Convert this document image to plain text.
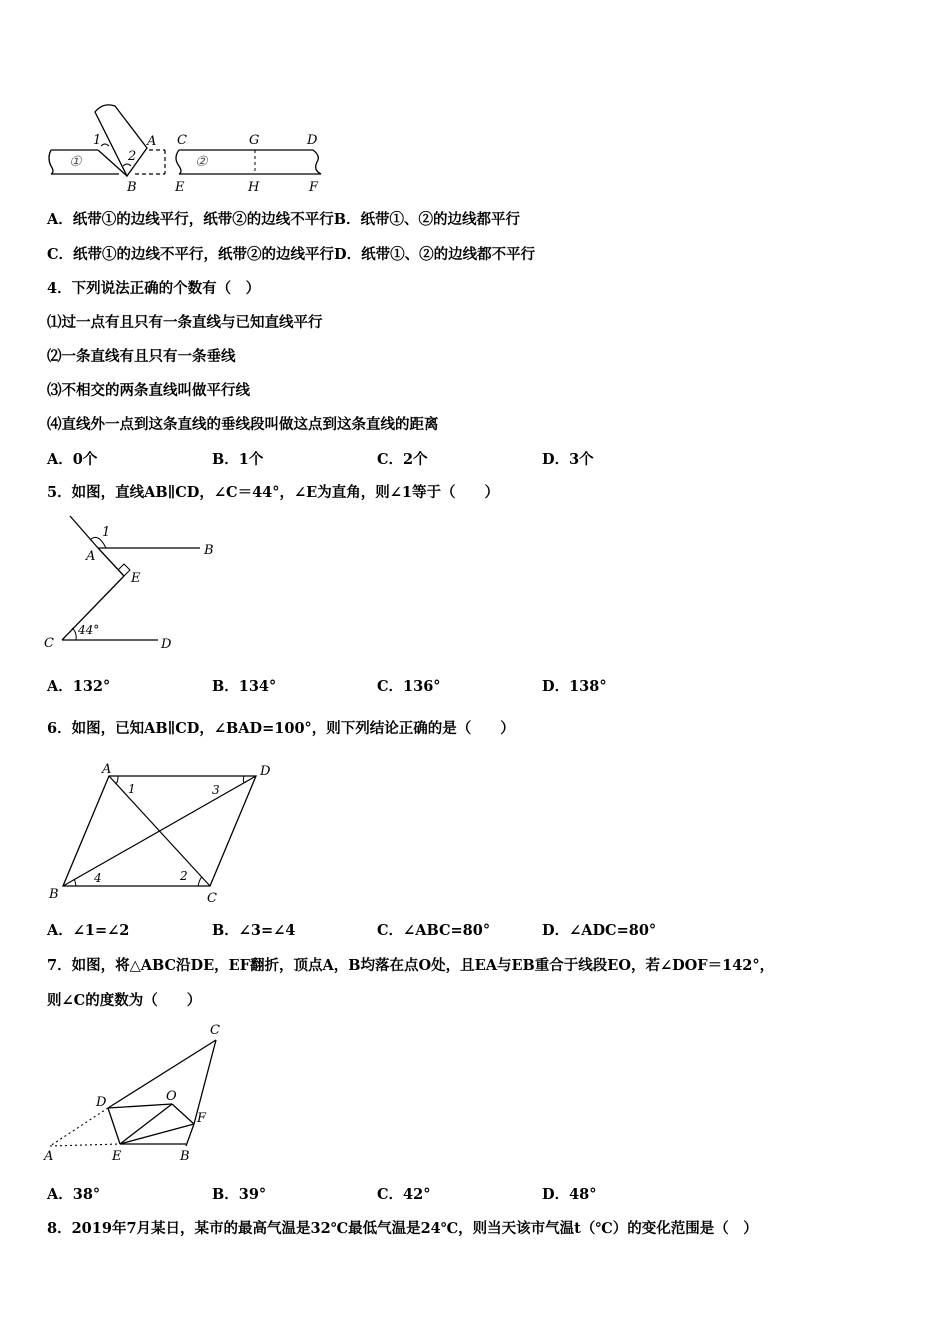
1	A
2
B
①	②
C	G	D
E	H	F
A．纸带①的边线平行，纸带②的边线不平行B．纸带①、②的边线都平行
C．纸带①的边线不平行，纸带②的边线平行D．纸带①、②的边线都不平行
4．下列说法正确的个数有（　）
⑴过一点有且只有一条直线与已知直线平行
⑵一条直线有且只有一条垂线
⑶不相交的两条直线叫做平行线
⑷直线外一点到这条直线的垂线段叫做这点到这条直线的距离
A．0个	B．1个	C．2个	D．3个
5．如图，直线AB∥CD，∠C＝44°，∠E为直角，则∠1等于（　　）
1
A	B
E
C	D
44°
A．132°	B．134°	C．136°	D．138°
6．如图，已知AB∥CD，∠BAD=100°，则下列结论正确的是（　　）
A	D
1	3
B	C
4	2
A．∠1=∠2	B．∠3=∠4	C．∠ABC=80°	D．∠ADC=80°
7．如图，将△ABC沿DE，EF翻折，顶点A，B均落在点O处，且EA与EB重合于线段EO，若∠DOF＝142°，
则∠C的度数为（　　）
C
D	O
F
A	E	B
A．38°	B．39°	C．42°	D．48°
8．2019年7月某日，某市的最高气温是32℃最低气温是24℃，则当天该市气温t（℃）的变化范围是（　）
